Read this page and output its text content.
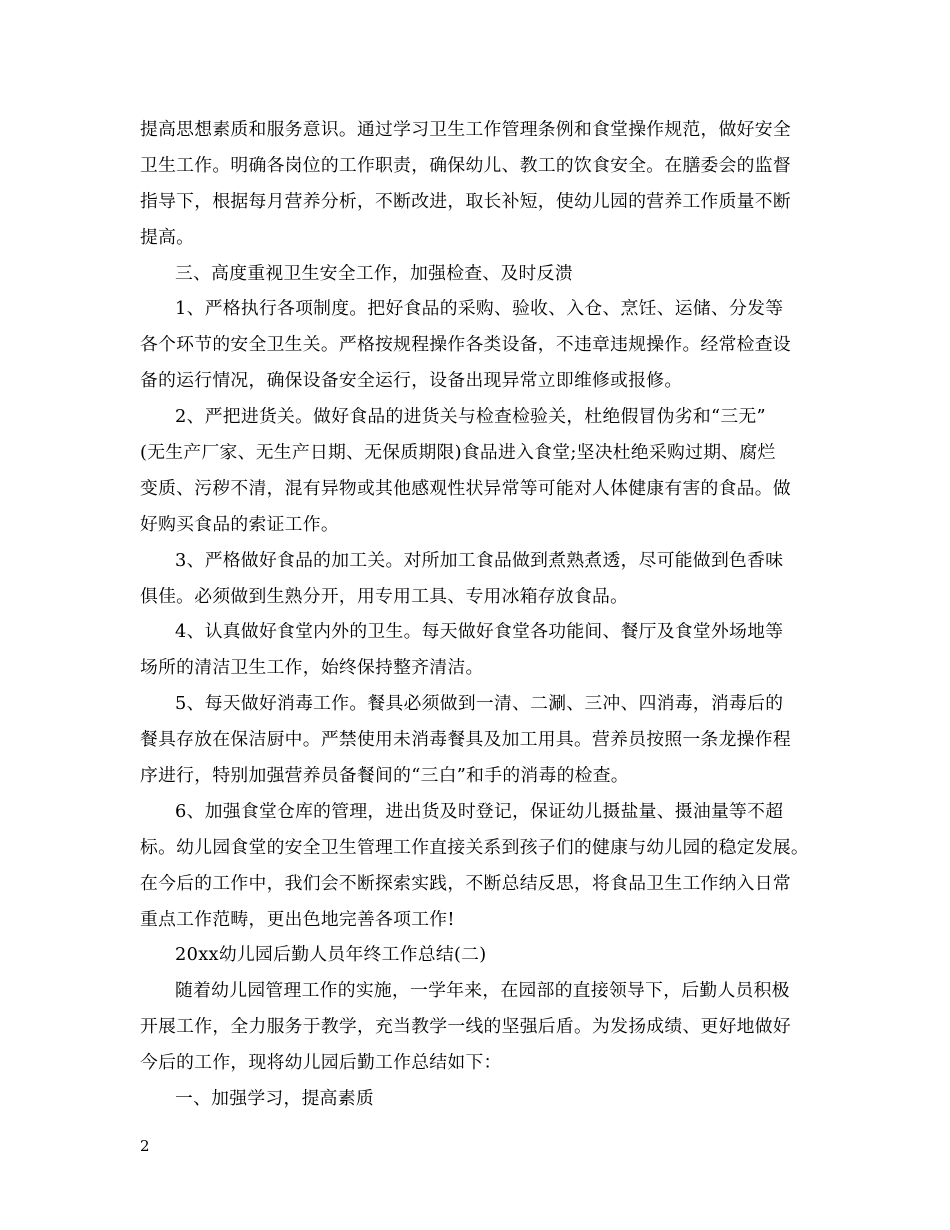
提高思想素质和服务意识。通过学习卫生工作管理条例和食堂操作规范，做好安全
卫生工作。明确各岗位的工作职责，确保幼儿、教工的饮食安全。在膳委会的监督
指导下，根据每月营养分析，不断改进，取长补短，使幼儿园的营养工作质量不断
提高。
三、高度重视卫生安全工作，加强检查、及时反溃
1、严格执行各项制度。把好食品的采购、验收、入仓、烹饪、运储、分发等
各个环节的安全卫生关。严格按规程操作各类设备，不违章违规操作。经常检查设
备的运行情况，确保设备安全运行，设备出现异常立即维修或报修。
2、严把进货关。做好食品的进货关与检查检验关，杜绝假冒伪劣和“三无”
(无生产厂家、无生产日期、无保质期限)食品进入食堂;坚决杜绝采购过期、腐烂
变质、污秽不清，混有异物或其他感观性状异常等可能对人体健康有害的食品。做
好购买食品的索证工作。
3、严格做好食品的加工关。对所加工食品做到煮熟煮透，尽可能做到色香味
俱佳。必须做到生熟分开，用专用工具、专用冰箱存放食品。
4、认真做好食堂内外的卫生。每天做好食堂各功能间、餐厅及食堂外场地等
场所的清洁卫生工作，始终保持整齐清洁。
5、每天做好消毒工作。餐具必须做到一清、二涮、三冲、四消毒，消毒后的
餐具存放在保洁厨中。严禁使用未消毒餐具及加工用具。营养员按照一条龙操作程
序进行，特别加强营养员备餐间的“三白”和手的消毒的检查。
6、加强食堂仓库的管理，进出货及时登记，保证幼儿摄盐量、摄油量等不超
标。幼儿园食堂的安全卫生管理工作直接关系到孩子们的健康与幼儿园的稳定发展。
在今后的工作中，我们会不断探索实践，不断总结反思，将食品卫生工作纳入日常
重点工作范畴，更出色地完善各项工作!
20xx幼儿园后勤人员年终工作总结(二)
随着幼儿园管理工作的实施，一学年来，在园部的直接领导下，后勤人员积极
开展工作，全力服务于教学，充当教学一线的坚强后盾。为发扬成绩、更好地做好
今后的工作，现将幼儿园后勤工作总结如下：
一、加强学习，提高素质
2
